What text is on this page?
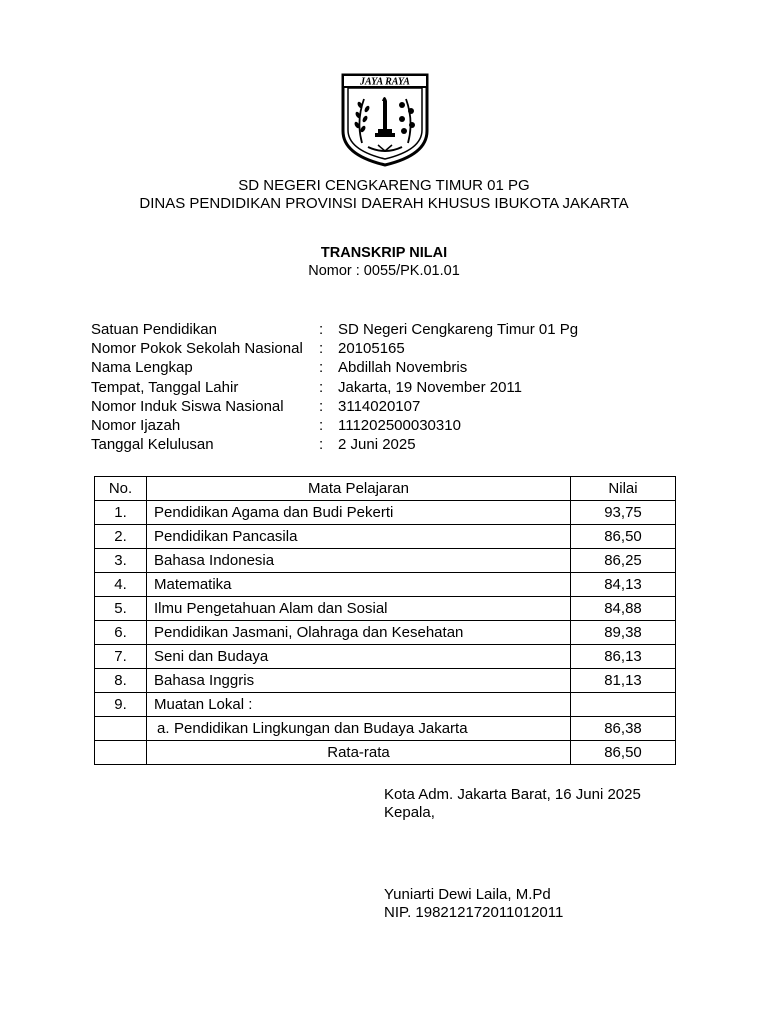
JAYA RAYA
SD NEGERI CENGKARENG TIMUR 01 PG
DINAS PENDIDIKAN PROVINSI DAERAH KHUSUS IBUKOTA JAKARTA
TRANSKRIP NILAI
Nomor : 0055/PK.01.01
Satuan Pendidikan	: SD Negeri Cengkareng Timur 01 Pg
Nomor Pokok Sekolah Nasional : 20105165
Nama Lengkap	: Abdillah Novembris
Tempat, Tanggal Lahir	: Jakarta, 19 November 2011
Nomor Induk Siswa Nasional : 3114020107
Nomor Ijazah	: 111202500030310
Tanggal Kelulusan	: 2 Juni 2025
No.	Mata Pelajaran	Nilai
1.	Pendidikan Agama dan Budi Pekerti	93,75
2.	Pendidikan Pancasila	86,50
3.	Bahasa Indonesia	86,25
4.	Matematika	84,13
5.	Ilmu Pengetahuan Alam dan Sosial	84,88
6.	Pendidikan Jasmani, Olahraga dan Kesehatan	89,38
7.	Seni dan Budaya	86,13
8.	Bahasa Inggris	81,13
9.	Muatan Lokal :	
	a. Pendidikan Lingkungan dan Budaya Jakarta	86,38
	Rata-rata	86,50
Kota Adm. Jakarta Barat, 16 Juni 2025
Kepala,
Yuniarti Dewi Laila, M.Pd
NIP. 198212172011012011
